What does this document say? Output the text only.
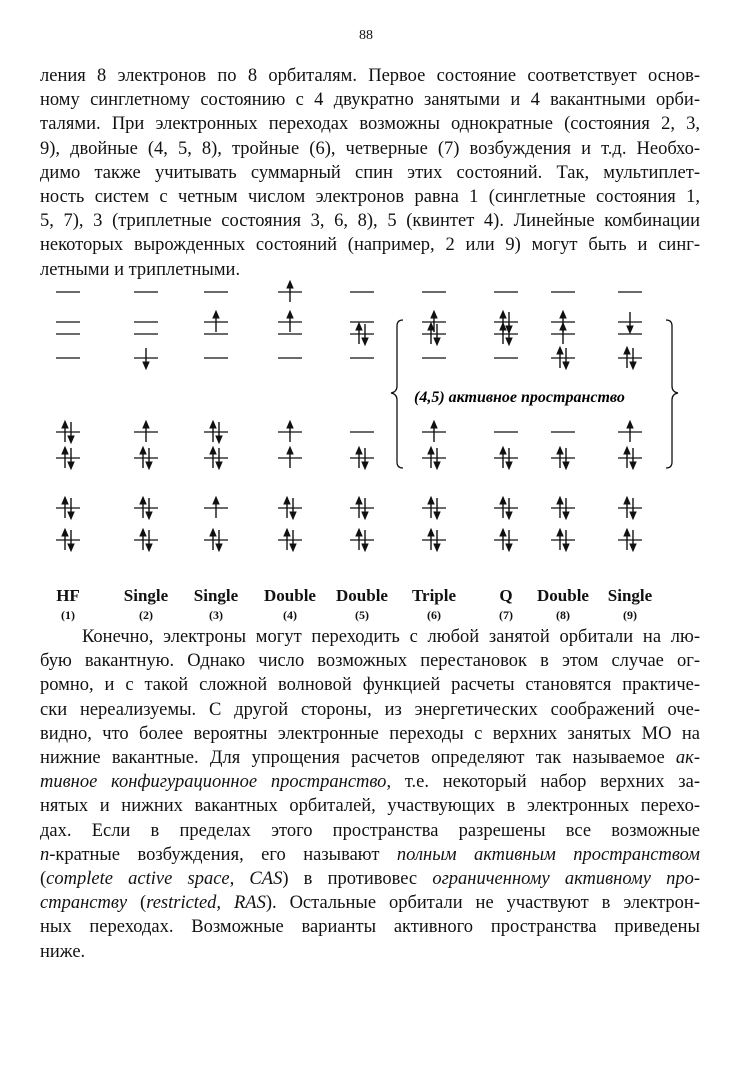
88
ления 8 электронов по 8 орбиталям. Первое состояние соответствует основ-
ному синглетному состоянию с 4 двукратно занятыми и 4 вакантными орби-
талями. При электронных переходах возможны однократные (состояния 2, 3,
9), двойные (4, 5, 8), тройные (6), четверные (7) возбуждения и т.д. Необхо-
димо также учитывать суммарный спин этих состояний. Так, мультиплет-
ность систем с четным числом электронов равна 1 (синглетные состояния 1,
5, 7), 3 (триплетные состояния 3, 6, 8), 5 (квинтет 4). Линейные комбинации
некоторых вырожденных состояний (например, 2 или 9) могут быть и синг-
летными и триплетными.
(4,5) активное пространство
HF
(1)
Single
(2)
Single
(3)
Double
(4)
Double
(5)
Triple
(6)
Q
(7)
Double
(8)
Single
(9)
Конечно, электроны могут переходить с любой занятой орбитали на лю-
бую вакантную. Однако число возможных перестановок в этом случае ог-
ромно, и с такой сложной волновой функцией расчеты становятся практиче-
ски нереализуемы. С другой стороны, из энергетических соображений оче-
видно, что более вероятны электронные переходы с верхних занятых МО на
нижние вакантные. Для упрощения расчетов определяют так называемое ак-
тивное конфигурационное пространство, т.е. некоторый набор верхних за-
нятых и нижних вакантных орбиталей, участвующих в электронных перехо-
дах. Если в пределах этого пространства разрешены все возможные
n-кратные возбуждения, его называют полным активным пространством
(complete active space, CAS) в противовес ограниченному активному про-
странству (restricted, RAS). Остальные орбитали не участвуют в электрон-
ных переходах. Возможные варианты активного пространства приведены
ниже.
